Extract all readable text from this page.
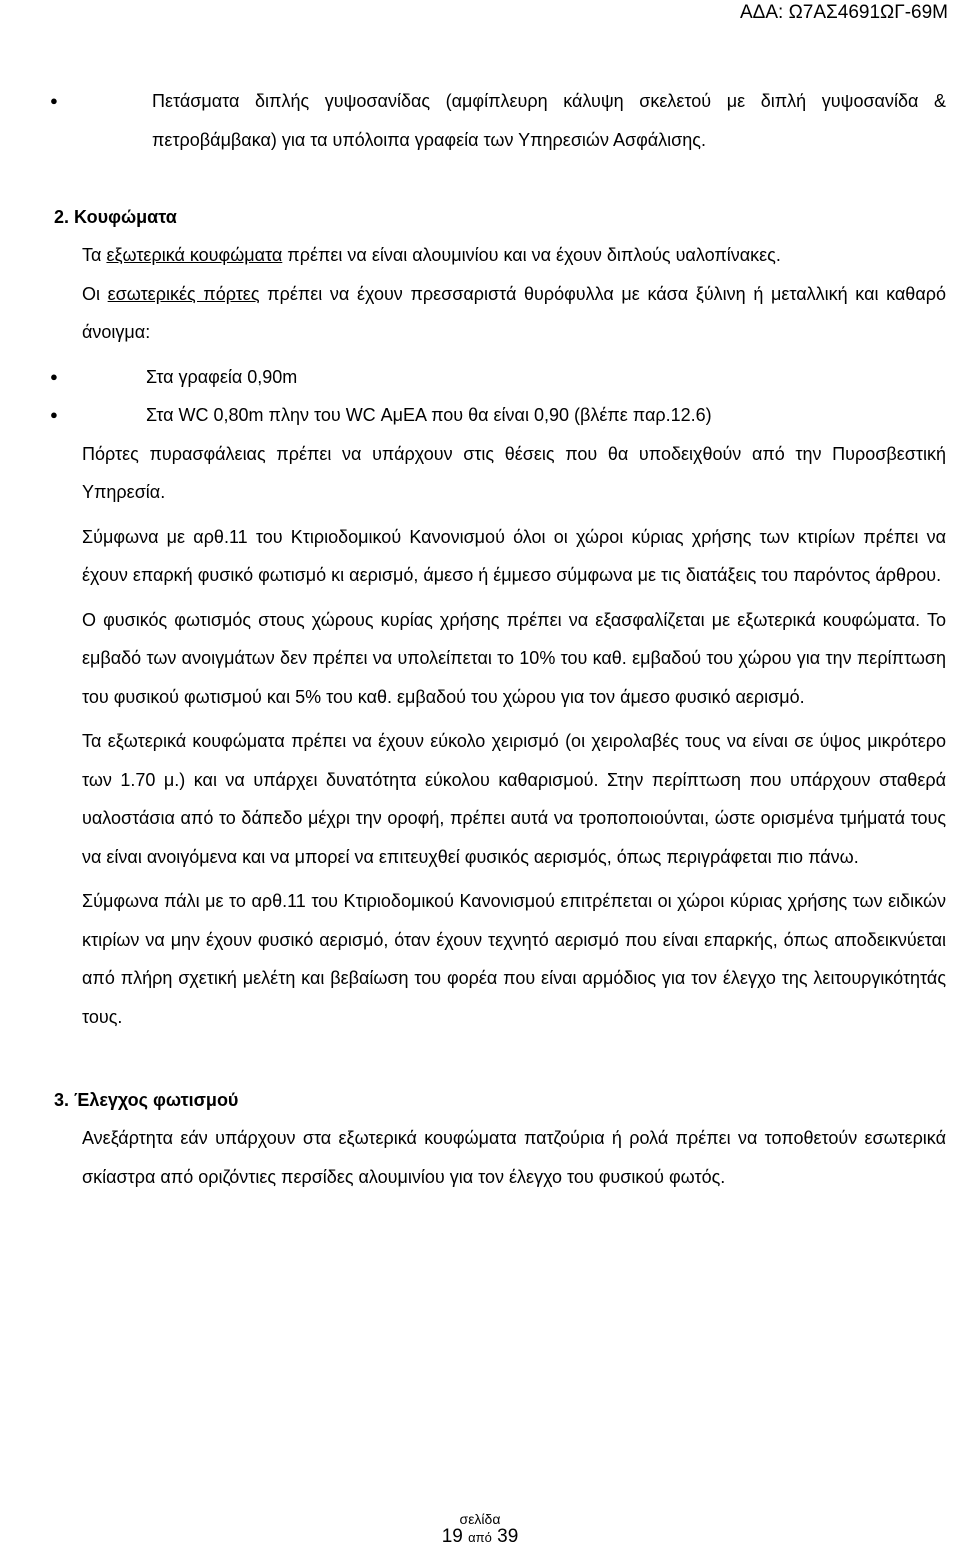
ΑΔΑ: Ω7ΑΣ4691ΩΓ-69Μ
●	Πετάσματα διπλής γυψοσανίδας (αμφίπλευρη κάλυψη σκελετού με διπλή γυψοσανίδα & πετροβάμβακα) για τα υπόλοιπα γραφεία των Υπηρεσιών Ασφάλισης.
2. Κουφώματα

Τα εξωτερικά κουφώματα πρέπει να είναι αλουμινίου και να έχουν διπλούς υαλοπίνακες.

Οι εσωτερικές πόρτες πρέπει να έχουν πρεσσαριστά θυρόφυλλα με κάσα ξύλινη ή μεταλλική και καθαρό άνοιγμα:

●	Στα γραφεία 0,90m
●	Στα WC 0,80m πλην του WC ΑμΕΑ που θα είναι 0,90 (βλέπε παρ.12.6)

Πόρτες πυρασφάλειας πρέπει να υπάρχουν στις θέσεις που θα υποδειχθούν από την Πυροσβεστική Υπηρεσία.

Σύμφωνα με αρθ.11 του Κτιριοδομικού Κανονισμού όλοι οι χώροι κύριας χρήσης των κτιρίων πρέπει να έχουν επαρκή φυσικό φωτισμό κι αερισμό, άμεσο ή έμμεσο σύμφωνα με τις διατάξεις του παρόντος άρθρου.

Ο φυσικός φωτισμός στους χώρους κυρίας χρήσης πρέπει να εξασφαλίζεται με εξωτερικά κουφώματα. Το εμβαδό των ανοιγμάτων δεν πρέπει να υπολείπεται το 10% του καθ. εμβαδού του χώρου για την περίπτωση του φυσικού φωτισμού και 5% του καθ. εμβαδού του χώρου για τον άμεσο φυσικό αερισμό.

Τα εξωτερικά κουφώματα πρέπει να έχουν εύκολο χειρισμό (οι χειρολαβές τους να είναι σε ύψος μικρότερο των 1.70 μ.) και να υπάρχει δυνατότητα εύκολου καθαρισμού. Στην περίπτωση που υπάρχουν σταθερά υαλοστάσια από το δάπεδο μέχρι την οροφή, πρέπει αυτά να τροποποιούνται, ώστε ορισμένα τμήματά τους να είναι ανοιγόμενα και να μπορεί να επιτευχθεί φυσικός αερισμός, όπως περιγράφεται πιο πάνω.

Σύμφωνα πάλι με το αρθ.11 του Κτιριοδομικού Κανονισμού επιτρέπεται οι χώροι κύριας χρήσης των ειδικών κτιρίων να μην έχουν φυσικό αερισμό, όταν έχουν τεχνητό αερισμό που είναι επαρκής, όπως αποδεικνύεται από πλήρη σχετική μελέτη και βεβαίωση του φορέα που είναι αρμόδιος για τον έλεγχο της λειτουργικότητάς τους.

3. Έλεγχος φωτισμού

Ανεξάρτητα εάν υπάρχουν στα εξωτερικά κουφώματα πατζούρια ή ρολά πρέπει να τοποθετούν εσωτερικά σκίαστρα από οριζόντιες περσίδες αλουμινίου για τον έλεγχο του φυσικού φωτός.

σελίδα
19 από 39
